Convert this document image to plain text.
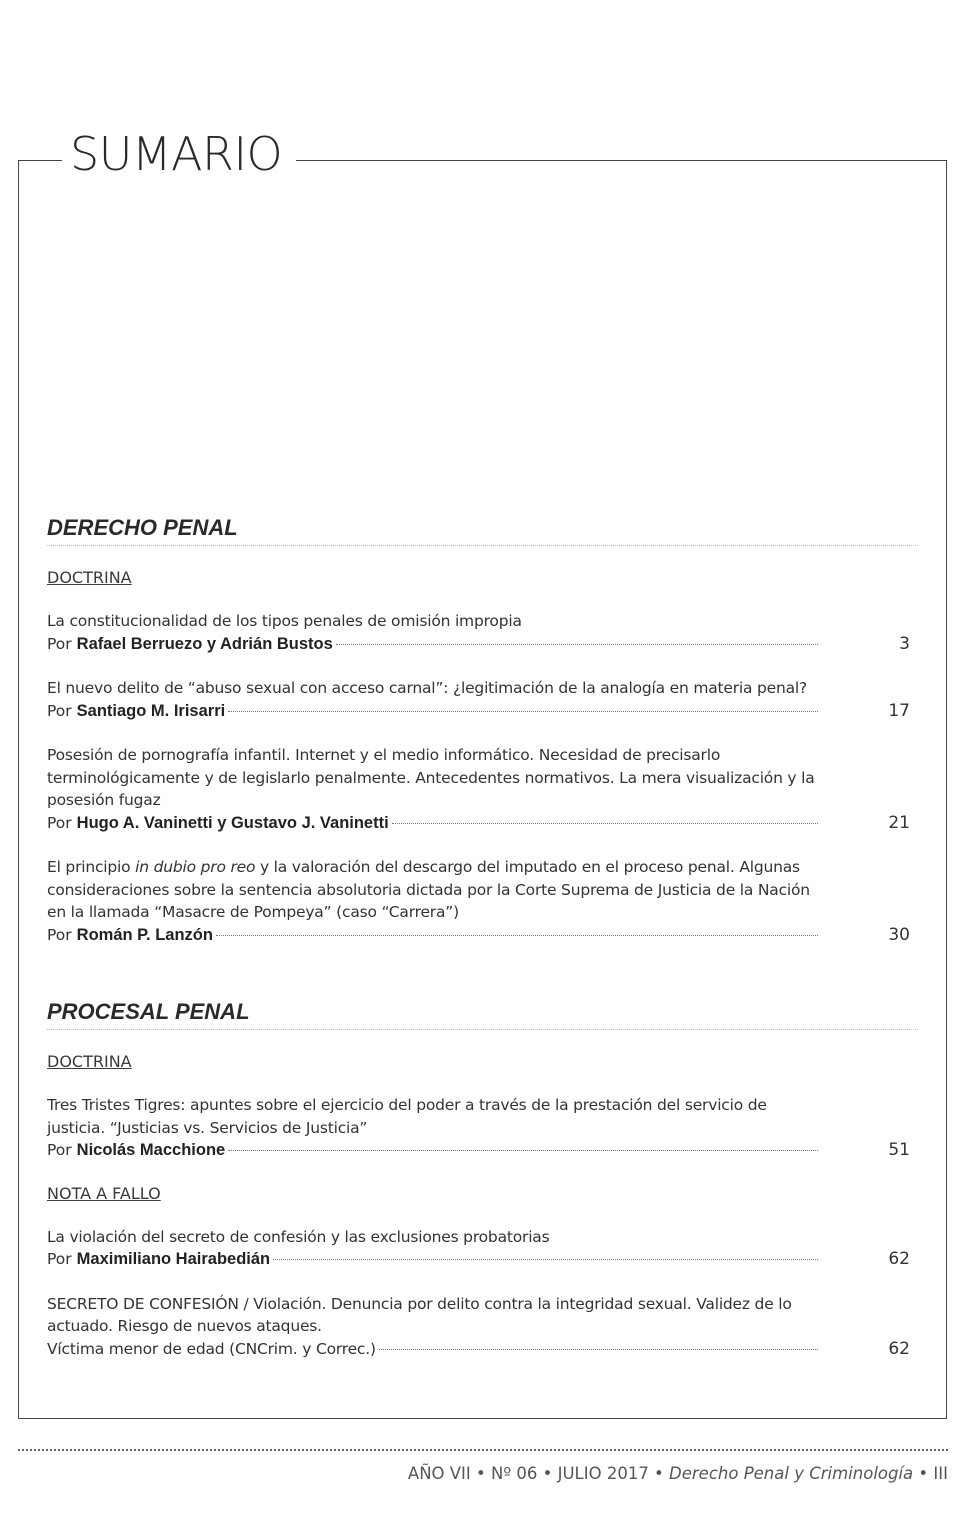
SUMARIO
DERECHO PENAL
DOCTRINA
La constitucionalidad de los tipos penales de omisión impropia
Por Rafael Berruezo y Adrián Bustos	3
El nuevo delito de “abuso sexual con acceso carnal”: ¿legitimación de la analogía en materia penal?
Por Santiago M. Irisarri	17
Posesión de pornografía infantil. Internet y el medio informático. Necesidad de precisarlo terminológicamente y de legislarlo penalmente. Antecedentes normativos. La mera visualización y la posesión fugaz
Por Hugo A. Vaninetti y Gustavo J. Vaninetti	21
El principio in dubio pro reo y la valoración del descargo del imputado en el proceso penal. Algunas consideraciones sobre la sentencia absolutoria dictada por la Corte Suprema de Justicia de la Nación en la llamada “Masacre de Pompeya” (caso “Carrera”)
Por Román P. Lanzón	30
PROCESAL PENAL
DOCTRINA
Tres Tristes Tigres: apuntes sobre el ejercicio del poder a través de la prestación del servicio de justicia. “Justicias vs. Servicios de Justicia”
Por Nicolás Macchione	51
NOTA A FALLO
La violación del secreto de confesión y las exclusiones probatorias
Por Maximiliano Hairabedián	62
SECRETO DE CONFESIÓN / Violación. Denuncia por delito contra la integridad sexual. Validez de lo actuado. Riesgo de nuevos ataques.
Víctima menor de edad (CNCrim. y Correc.)	62
AÑO VII • Nº 06 • JULIO 2017 • Derecho Penal y Criminología • III
